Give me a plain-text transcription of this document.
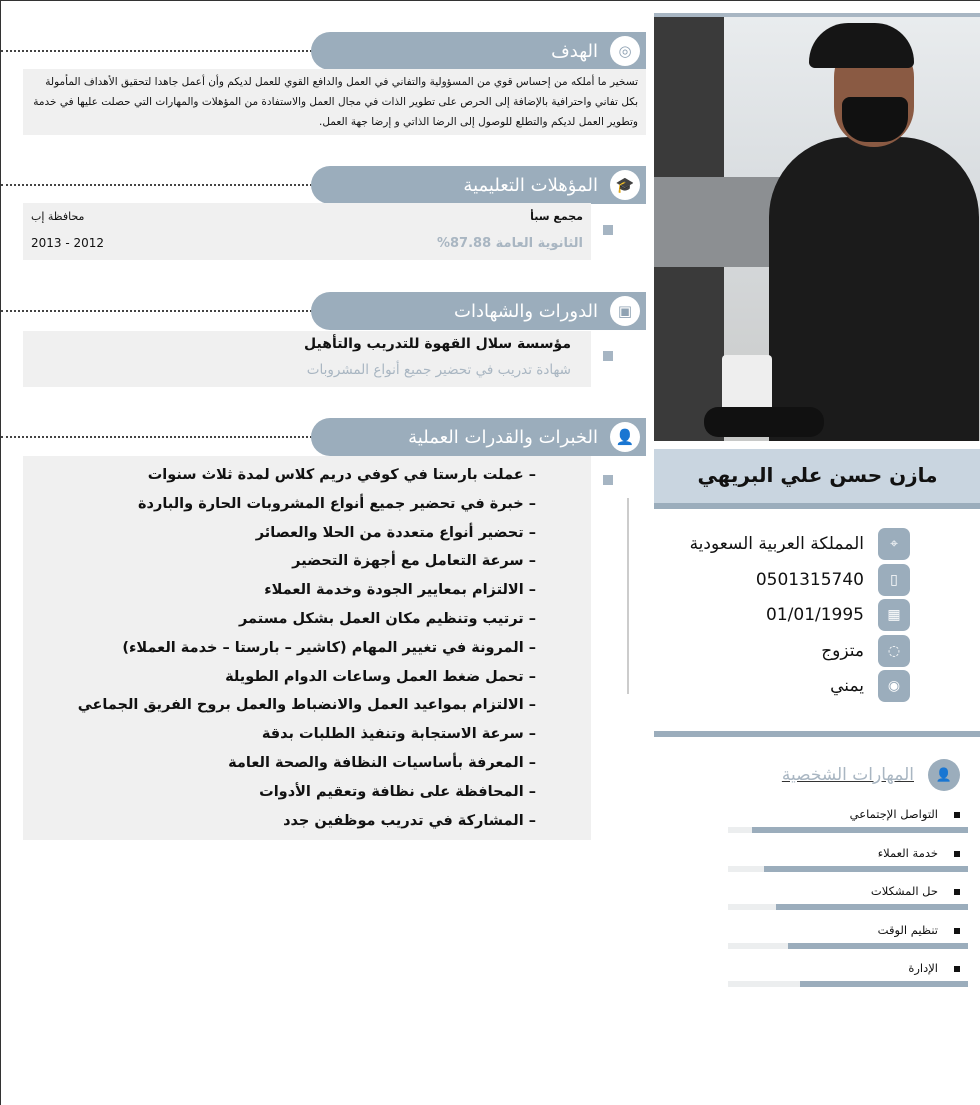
◎
الهدف
تسخير ما أملكه من إحساس قوي من المسؤولية والتفاني في العمل والدافع القوي للعمل لديكم وأن أعمل جاهدا لتحقيق الأهداف المأمولة بكل تفاني واحترافية بالإضافة إلى الحرص على تطوير الذات في مجال العمل والاستفادة من المؤهلات والمهارات التي حصلت عليها في خدمة وتطوير العمل لديكم والتطلع للوصول إلى الرضا الذاتي و إرضا جهة العمل.
🎓
المؤهلات التعليمية
مجمع سبأ
الثانوية العامة 87.88%
محافظة إب
2013 - 2012
▣
الدورات والشهادات
مؤسسة سلال القهوة للتدريب والتأهيل
شهادة تدريب في تحضير جميع أنواع المشروبات
👤
الخبرات والقدرات العملية
– عملت بارستا في كوفي دريم كلاس لمدة ثلاث سنوات
– خبرة في تحضير جميع أنواع المشروبات الحارة والباردة
– تحضير أنواع متعددة من الحلا والعصائر
– سرعة التعامل مع أجهزة التحضير
– الالتزام بمعايير الجودة وخدمة العملاء
– ترتيب وتنظيم مكان العمل بشكل مستمر
– المرونة في تغيير المهام (كاشير – بارستا – خدمة العملاء)
– تحمل ضغط العمل وساعات الدوام الطويلة
– الالتزام بمواعيد العمل والانضباط والعمل بروح الفريق الجماعي
– سرعة الاستجابة وتنفيذ الطلبات بدقة
– المعرفة بأساسيات النظافة والصحة العامة
– المحافظة على نظافة وتعقيم الأدوات
– المشاركة في تدريب موظفين جدد
مازن حسن علي البريهي
⌖
المملكة العربية السعودية
▯
0501315740
▦
01/01/1995
◌
متزوج
◉
يمني
👤
المهارات الشخصية
التواصل الإجتماعي
خدمة العملاء
حل المشكلات
تنظيم الوقت
الإدارة
